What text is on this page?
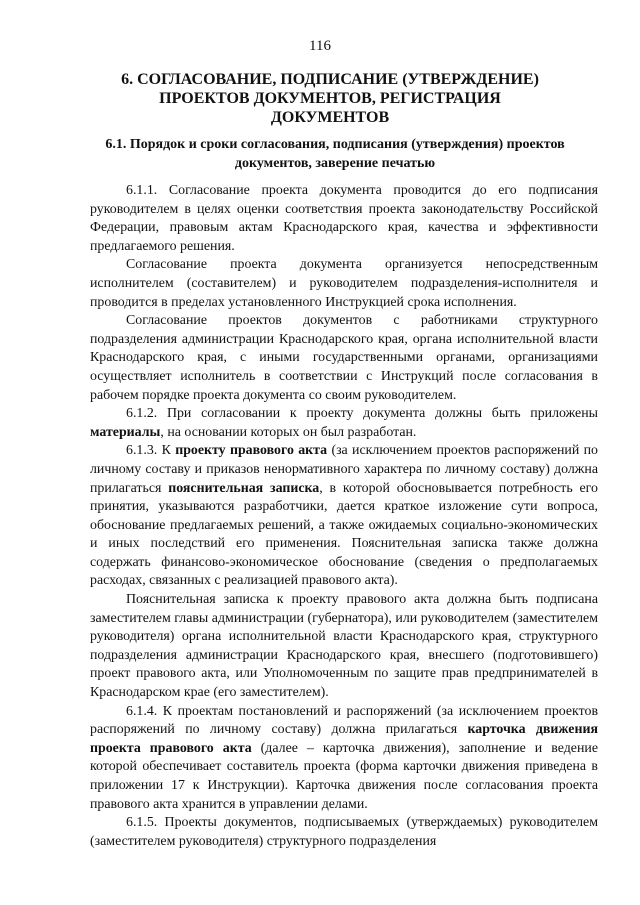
116
6. СОГЛАСОВАНИЕ, ПОДПИСАНИЕ (УТВЕРЖДЕНИЕ) ПРОЕКТОВ ДОКУМЕНТОВ, РЕГИСТРАЦИЯ ДОКУМЕНТОВ
6.1. Порядок и сроки согласования, подписания (утверждения) проектов документов, заверение печатью

6.1.1. Согласование проекта документа проводится до его подписания руководителем в целях оценки соответствия проекта законодательству Российской Федерации, правовым актам Краснодарского края, качества и эффективности предлагаемого решения.

Согласование проекта документа организуется непосредственным исполнителем (составителем) и руководителем подразделения-исполнителя и проводится в пределах установленного Инструкцией срока исполнения.

Согласование проектов документов с работниками структурного подразделения администрации Краснодарского края, органа исполнительной власти Краснодарского края, с иными государственными органами, организациями осуществляет исполнитель в соответствии с Инструкций после согласования в рабочем порядке проекта документа со своим руководителем.

6.1.2. При согласовании к проекту документа должны быть приложены материалы, на основании которых он был разработан.

6.1.3. К проекту правового акта (за исключением проектов распоряжений по личному составу и приказов ненормативного характера по личному составу) должна прилагаться пояснительная записка, в которой обосновывается потребность его принятия, указываются разработчики, дается краткое изложение сути вопроса, обоснование предлагаемых решений, а также ожидаемых социально-экономических и иных последствий его применения. Пояснительная записка также должна содержать финансово-экономическое обоснование (сведения о предполагаемых расходах, связанных с реализацией правового акта).

Пояснительная записка к проекту правового акта должна быть подписана заместителем главы администрации (губернатора), или руководителем (заместителем руководителя) органа исполнительной власти Краснодарского края, структурного подразделения администрации Краснодарского края, внесшего (подготовившего) проект правового акта, или Уполномоченным по защите прав предпринимателей в Краснодарском крае (его заместителем).

6.1.4. К проектам постановлений и распоряжений (за исключением проектов распоряжений по личному составу) должна прилагаться карточка движения проекта правового акта (далее – карточка движения), заполнение и ведение которой обеспечивает составитель проекта (форма карточки движения приведена в приложении 17 к Инструкции). Карточка движения после согласования проекта правового акта хранится в управлении делами.

6.1.5. Проекты документов, подписываемых (утверждаемых) руководителем (заместителем руководителя) структурного подразделения
